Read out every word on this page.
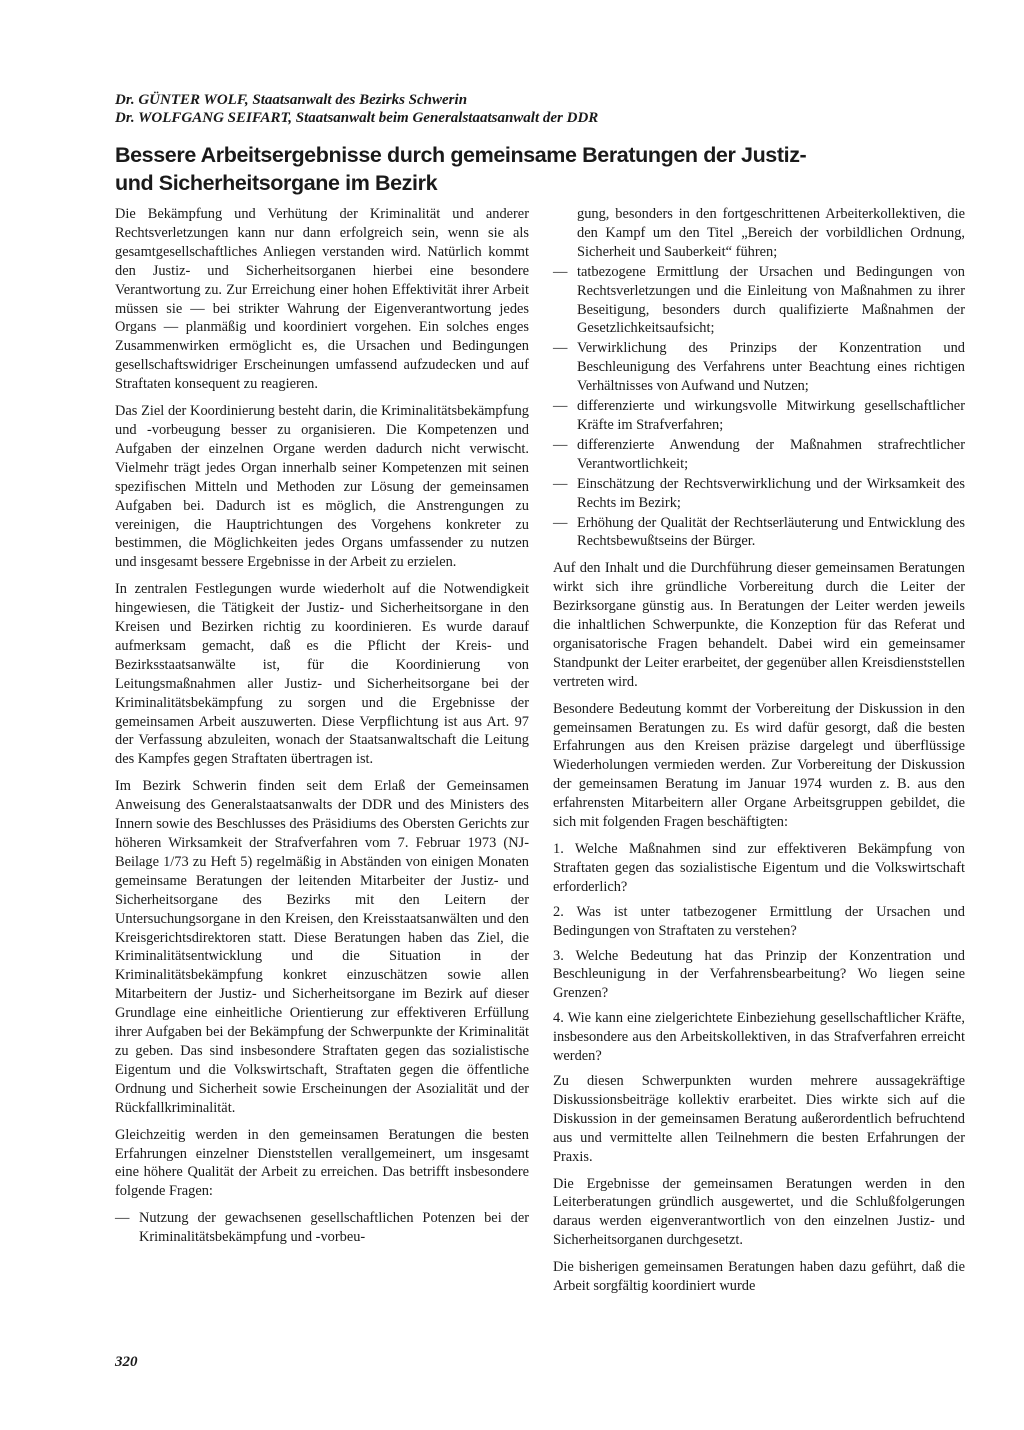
Dr. GÜNTER WOLF, Staatsanwalt des Bezirks Schwerin
Dr. WOLFGANG SEIFART, Staatsanwalt beim Generalstaatsanwalt der DDR
Bessere Arbeitsergebnisse durch gemeinsame Beratungen der Justiz-
und Sicherheitsorgane im Bezirk

Die Bekämpfung und Verhütung der Kriminalität und anderer Rechtsverletzungen kann nur dann erfolgreich sein, wenn sie als gesamtgesellschaftliches Anliegen verstanden wird. Natürlich kommt den Justiz- und Sicherheitsorganen hierbei eine besondere Verantwortung zu. Zur Erreichung einer hohen Effektivität ihrer Arbeit müssen sie — bei strikter Wahrung der Eigenverantwortung jedes Organs — planmäßig und koordiniert vorgehen. Ein solches enges Zusammenwirken ermöglicht es, die Ursachen und Bedingungen gesellschaftswidriger Erscheinungen umfassend aufzudecken und auf Straftaten konsequent zu reagieren.

Das Ziel der Koordinierung besteht darin, die Kriminalitätsbekämpfung und -vorbeugung besser zu organisieren. Die Kompetenzen und Aufgaben der einzelnen Organe werden dadurch nicht verwischt. Vielmehr trägt jedes Organ innerhalb seiner Kompetenzen mit seinen spezifischen Mitteln und Methoden zur Lösung der gemeinsamen Aufgaben bei. Dadurch ist es möglich, die Anstrengungen zu vereinigen, die Hauptrichtungen des Vorgehens konkreter zu bestimmen, die Möglichkeiten jedes Organs umfassender zu nutzen und insgesamt bessere Ergebnisse in der Arbeit zu erzielen.

In zentralen Festlegungen wurde wiederholt auf die Notwendigkeit hingewiesen, die Tätigkeit der Justiz- und Sicherheitsorgane in den Kreisen und Bezirken richtig zu koordinieren. Es wurde darauf aufmerksam gemacht, daß es die Pflicht der Kreis- und Bezirksstaatsanwälte ist, für die Koordinierung von Leitungsmaßnahmen aller Justiz- und Sicherheitsorgane bei der Kriminalitätsbekämpfung zu sorgen und die Ergebnisse der gemeinsamen Arbeit auszuwerten. Diese Verpflichtung ist aus Art. 97 der Verfassung abzuleiten, wonach der Staatsanwaltschaft die Leitung des Kampfes gegen Straftaten übertragen ist.

Im Bezirk Schwerin finden seit dem Erlaß der Gemeinsamen Anweisung des Generalstaatsanwalts der DDR und des Ministers des Innern sowie des Beschlusses des Präsidiums des Obersten Gerichts zur höheren Wirksamkeit der Strafverfahren vom 7. Februar 1973 (NJ-Beilage 1/73 zu Heft 5) regelmäßig in Abständen von einigen Monaten gemeinsame Beratungen der leitenden Mitarbeiter der Justiz- und Sicherheitsorgane des Bezirks mit den Leitern der Untersuchungsorgane in den Kreisen, den Kreisstaatsanwälten und den Kreisgerichtsdirektoren statt. Diese Beratungen haben das Ziel, die Kriminalitätsentwicklung und die Situation in der Kriminalitätsbekämpfung konkret einzuschätzen sowie allen Mitarbeitern der Justiz- und Sicherheitsorgane im Bezirk auf dieser Grundlage eine einheitliche Orientierung zur effektiveren Erfüllung ihrer Aufgaben bei der Bekämpfung der Schwerpunkte der Kriminalität zu geben. Das sind insbesondere Straftaten gegen das sozialistische Eigentum und die Volkswirtschaft, Straftaten gegen die öffentliche Ordnung und Sicherheit sowie Erscheinungen der Asozialität und der Rückfallkriminalität.

Gleichzeitig werden in den gemeinsamen Beratungen die besten Erfahrungen einzelner Dienststellen verallgemeinert, um insgesamt eine höhere Qualität der Arbeit zu erreichen. Das betrifft insbesondere folgende Fragen:

— Nutzung der gewachsenen gesellschaftlichen Potenzen bei der Kriminalitätsbekämpfung und -vorbeu-
gung, besonders in den fortgeschrittenen Arbeiterkollektiven, die den Kampf um den Titel „Bereich der vorbildlichen Ordnung, Sicherheit und Sauberkeit“ führen;
— tatbezogene Ermittlung der Ursachen und Bedingungen von Rechtsverletzungen und die Einleitung von Maßnahmen zu ihrer Beseitigung, besonders durch qualifizierte Maßnahmen der Gesetzlichkeitsaufsicht;
— Verwirklichung des Prinzips der Konzentration und Beschleunigung des Verfahrens unter Beachtung eines richtigen Verhältnisses von Aufwand und Nutzen;
— differenzierte und wirkungsvolle Mitwirkung gesellschaftlicher Kräfte im Strafverfahren;
— differenzierte Anwendung der Maßnahmen strafrechtlicher Verantwortlichkeit;
— Einschätzung der Rechtsverwirklichung und der Wirksamkeit des Rechts im Bezirk;
— Erhöhung der Qualität der Rechtserläuterung und Entwicklung des Rechtsbewußtseins der Bürger.

Auf den Inhalt und die Durchführung dieser gemeinsamen Beratungen wirkt sich ihre gründliche Vorbereitung durch die Leiter der Bezirksorgane günstig aus. In Beratungen der Leiter werden jeweils die inhaltlichen Schwerpunkte, die Konzeption für das Referat und organisatorische Fragen behandelt. Dabei wird ein gemeinsamer Standpunkt der Leiter erarbeitet, der gegenüber allen Kreisdienststellen vertreten wird.

Besondere Bedeutung kommt der Vorbereitung der Diskussion in den gemeinsamen Beratungen zu. Es wird dafür gesorgt, daß die besten Erfahrungen aus den Kreisen präzise dargelegt und überflüssige Wiederholungen vermieden werden. Zur Vorbereitung der Diskussion der gemeinsamen Beratung im Januar 1974 wurden z. B. aus den erfahrensten Mitarbeitern aller Organe Arbeitsgruppen gebildet, die sich mit folgenden Fragen beschäftigten:

1. Welche Maßnahmen sind zur effektiveren Bekämpfung von Straftaten gegen das sozialistische Eigentum und die Volkswirtschaft erforderlich?
2. Was ist unter tatbezogener Ermittlung der Ursachen und Bedingungen von Straftaten zu verstehen?
3. Welche Bedeutung hat das Prinzip der Konzentration und Beschleunigung in der Verfahrensbearbeitung? Wo liegen seine Grenzen?
4. Wie kann eine zielgerichtete Einbeziehung gesellschaftlicher Kräfte, insbesondere aus den Arbeitskollektiven, in das Strafverfahren erreicht werden?

Zu diesen Schwerpunkten wurden mehrere aussagekräftige Diskussionsbeiträge kollektiv erarbeitet. Dies wirkte sich auf die Diskussion in der gemeinsamen Beratung außerordentlich befruchtend aus und vermittelte allen Teilnehmern die besten Erfahrungen der Praxis.

Die Ergebnisse der gemeinsamen Beratungen werden in den Leiterberatungen gründlich ausgewertet, und die Schlußfolgerungen daraus werden eigenverantwortlich von den einzelnen Justiz- und Sicherheitsorganen durchgesetzt.

Die bisherigen gemeinsamen Beratungen haben dazu geführt, daß die Arbeit sorgfältig koordiniert wurde

320
